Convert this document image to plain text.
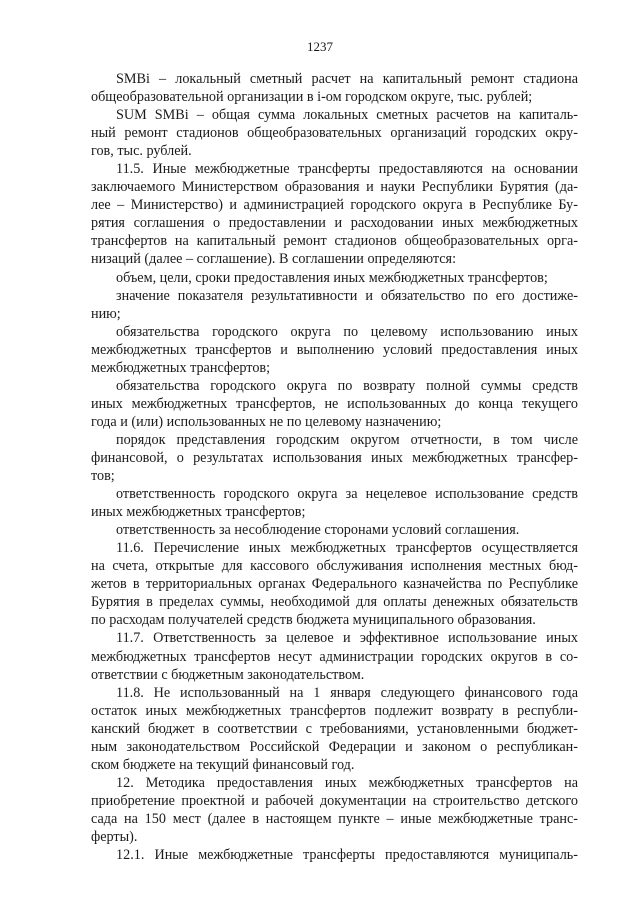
1237
SMBi – локальный сметный расчет на капитальный ремонт стадиона
общеобразовательной организации в i-ом городском округе, тыс. рублей;
SUM SMBi – общая сумма локальных сметных расчетов на капиталь-
ный ремонт стадионов общеобразовательных организаций городских окру-
гов, тыс. рублей.
11.5. Иные межбюджетные трансферты предоставляются на основании
заключаемого Министерством образования и науки Республики Бурятия (да-
лее – Министерство) и администрацией городского округа в Республике Бу-
рятия соглашения о предоставлении и расходовании иных межбюджетных
трансфертов на капитальный ремонт стадионов общеобразовательных орга-
низаций (далее – соглашение). В соглашении определяются:
объем, цели, сроки предоставления иных межбюджетных трансфертов;
значение показателя результативности и обязательство по его достиже-
нию;
обязательства городского округа по целевому использованию иных
межбюджетных трансфертов и выполнению условий предоставления иных
межбюджетных трансфертов;
обязательства городского округа по возврату полной суммы средств
иных межбюджетных трансфертов, не использованных до конца текущего
года и (или) использованных не по целевому назначению;
порядок представления городским округом отчетности, в том числе
финансовой, о результатах использования иных межбюджетных трансфер-
тов;
ответственность городского округа за нецелевое использование средств
иных межбюджетных трансфертов;
ответственность за несоблюдение сторонами условий соглашения.
11.6. Перечисление иных межбюджетных трансфертов осуществляется
на счета, открытые для кассового обслуживания исполнения местных бюд-
жетов в территориальных органах Федерального казначейства по Республике
Бурятия в пределах суммы, необходимой для оплаты денежных обязательств
по расходам получателей средств бюджета муниципального образования.
11.7. Ответственность за целевое и эффективное использование иных
межбюджетных трансфертов несут администрации городских округов в со-
ответствии с бюджетным законодательством.
11.8. Не использованный на 1 января следующего финансового года
остаток иных межбюджетных трансфертов подлежит возврату в республи-
канский бюджет в соответствии с требованиями, установленными бюджет-
ным законодательством Российской Федерации и законом о республикан-
ском бюджете на текущий финансовый год.
12. Методика предоставления иных межбюджетных трансфертов на
приобретение проектной и рабочей документации на строительство детского
сада на 150 мест (далее в настоящем пункте – иные межбюджетные транс-
ферты).
12.1. Иные межбюджетные трансферты предоставляются муниципаль-
